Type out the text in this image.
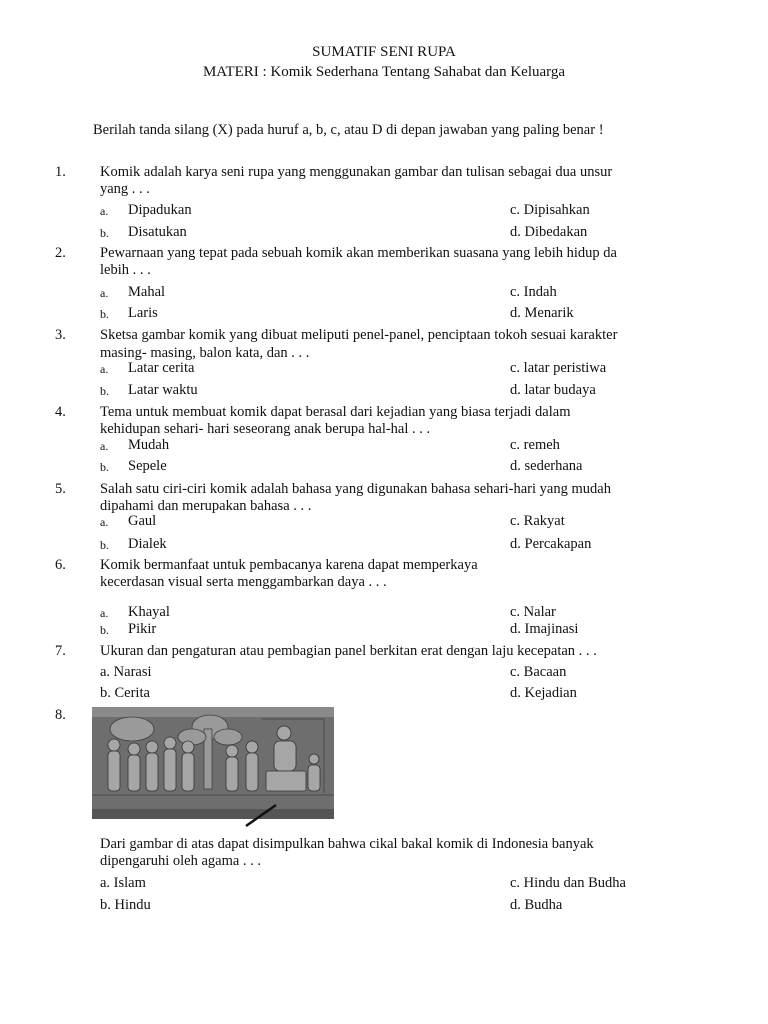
SUMATIF SENI RUPA
MATERI : Komik Sederhana Tentang Sahabat dan Keluarga
Berilah tanda silang (X) pada huruf a, b, c, atau D di depan jawaban yang paling benar !
1. Komik adalah karya seni rupa yang menggunakan gambar dan tulisan sebagai dua unsur
yang . . .
a. Dipadukan
b. Disatukan
c. Dipisahkan
d. Dibedakan
2. Pewarnaan yang tepat pada sebuah komik akan memberikan suasana yang lebih hidup da
lebih . . .
a. Mahal
b. Laris
c. Indah
d. Menarik
3. Sketsa gambar komik yang dibuat meliputi penel-panel, penciptaan tokoh sesuai karakter
masing- masing, balon kata, dan . . .
a. Latar cerita
b. Latar waktu
c. latar peristiwa
d. latar budaya
4. Tema untuk membuat komik dapat berasal dari kejadian yang biasa terjadi dalam
kehidupan sehari- hari seseorang anak berupa hal-hal . . .
a. Mudah
b. Sepele
c. remeh
d. sederhana
5. Salah satu ciri-ciri komik adalah bahasa yang digunakan bahasa sehari-hari yang mudah
dipahami dan merupakan bahasa . . .
a. Gaul
b. Dialek
c. Rakyat
d. Percakapan
6. Komik bermanfaat untuk pembacanya karena dapat memperkaya
kecerdasan visual serta menggambarkan daya . . .
a. Khayal
b. Pikir
c. Nalar
d. Imajinasi
7. Ukuran dan pengaturan atau pembagian panel berkitan erat dengan laju kecepatan . . .
a. Narasi
b. Cerita
c. Bacaan
d. Kejadian
8.
Dari gambar di atas dapat disimpulkan bahwa cikal bakal komik di Indonesia banyak
dipengaruhi oleh agama . . .
a. Islam
b. Hindu
c. Hindu dan Budha
d. Budha
